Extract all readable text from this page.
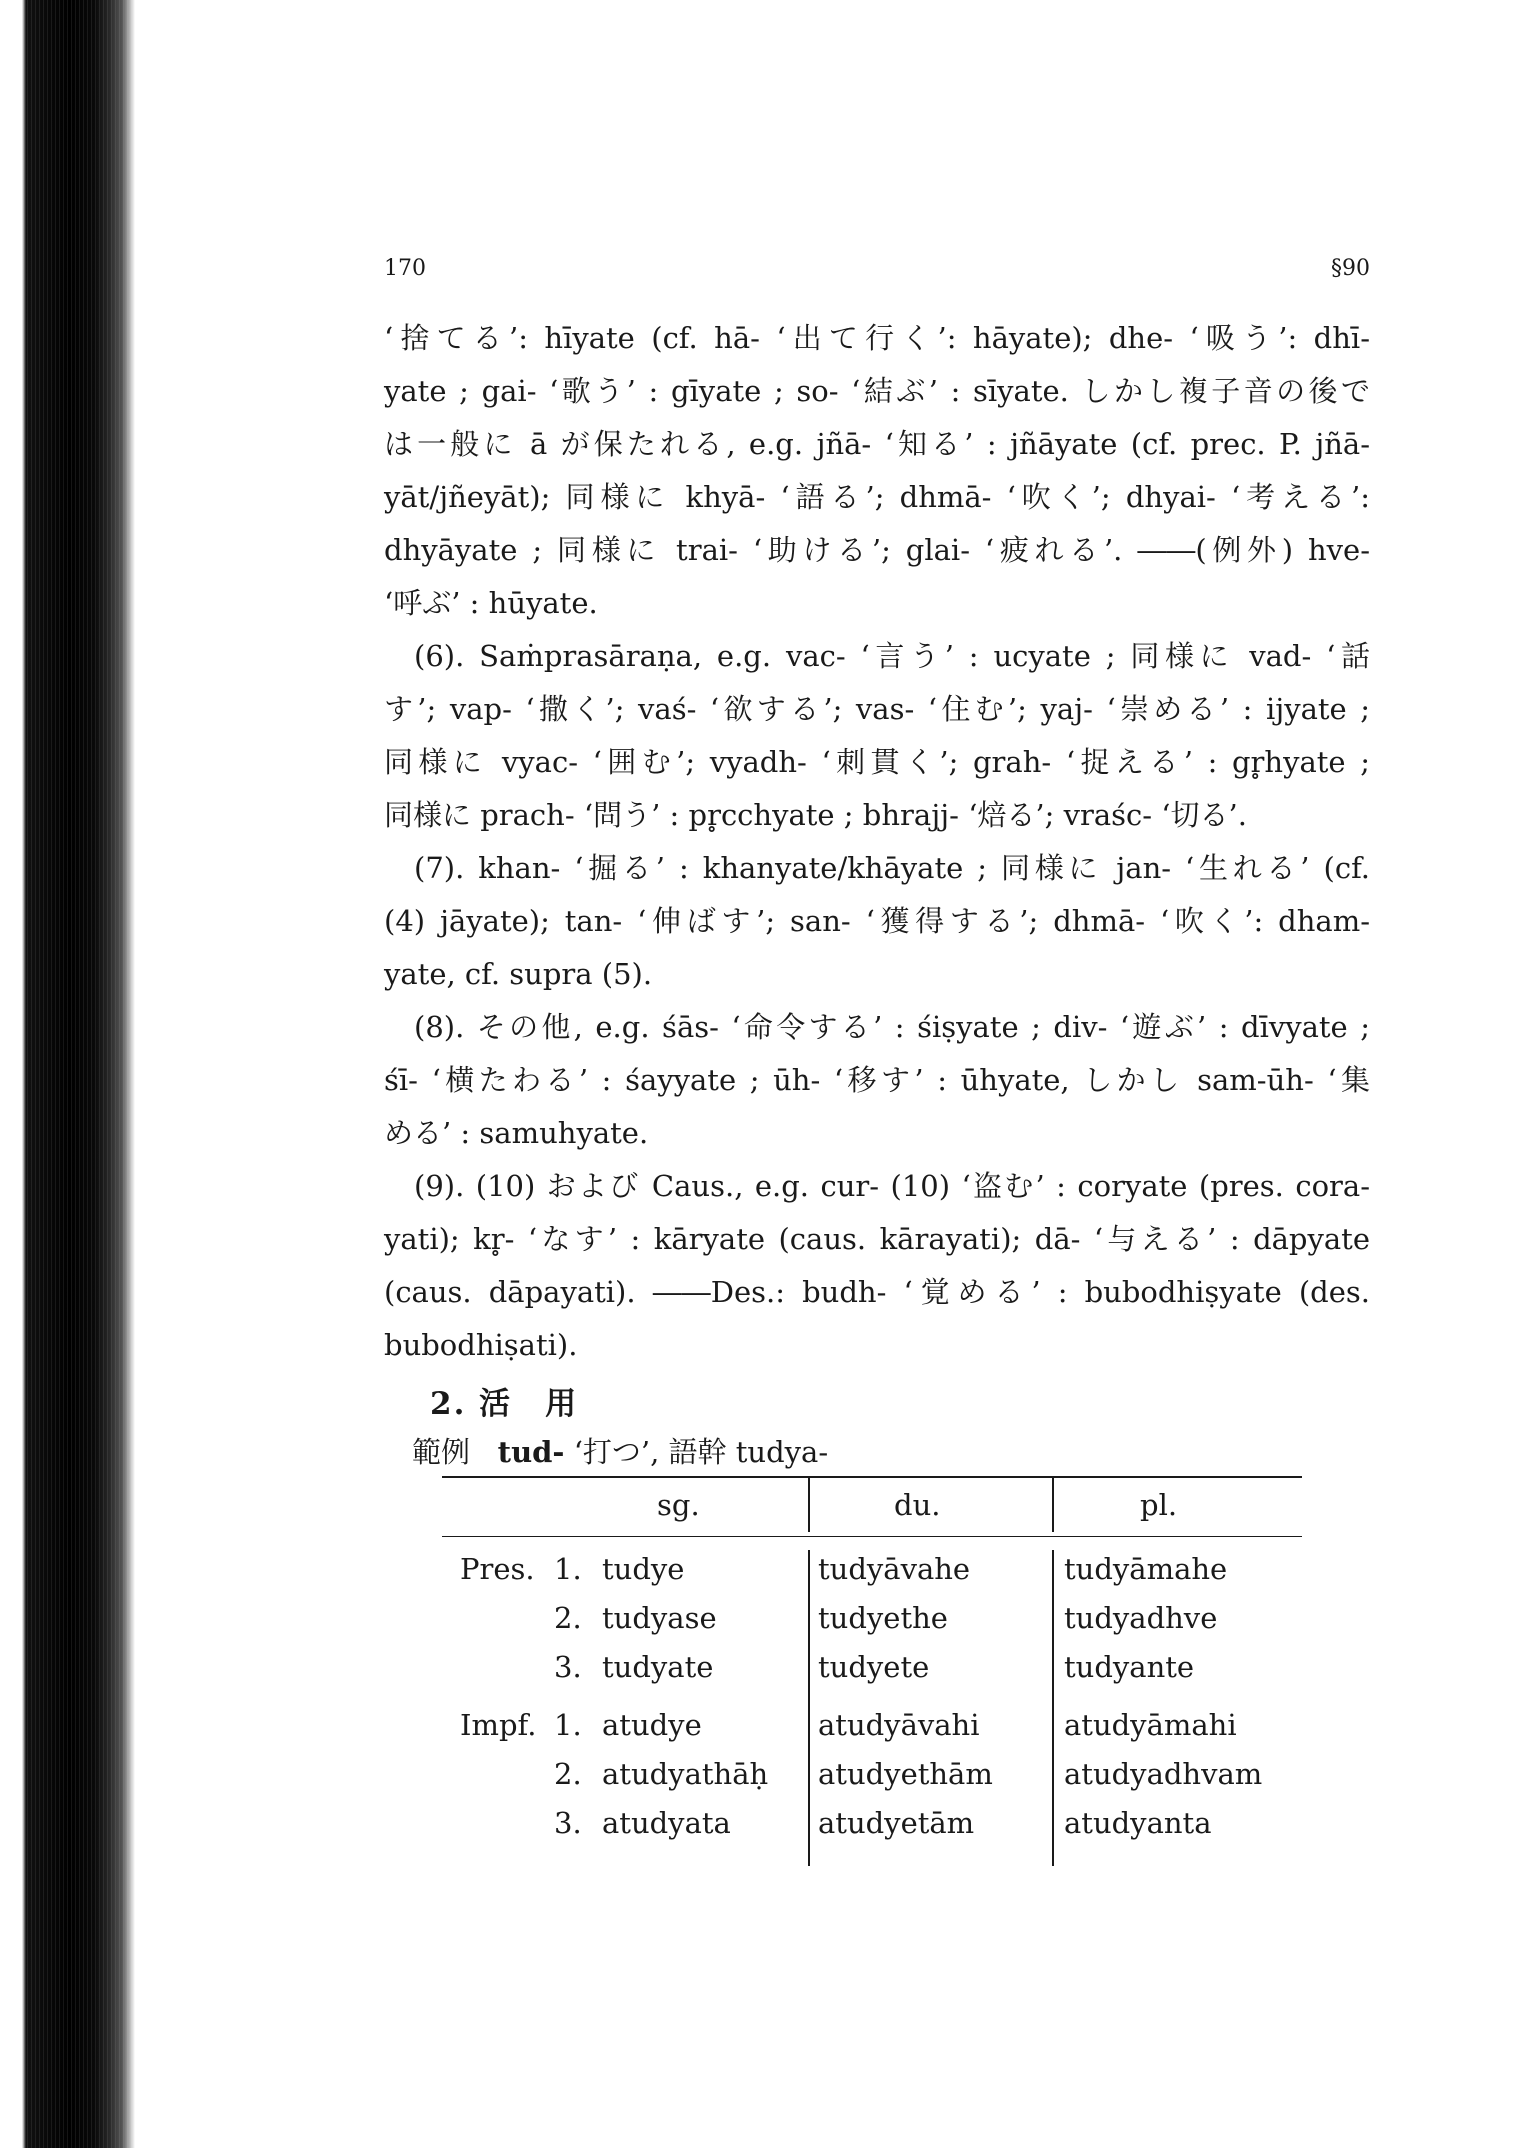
170	§90
‘捨てる’: hīyate (cf. hā- ‘出て行く’: hāyate); dhe- ‘吸う’: dhī-
yate ; gai- ‘歌う’ : gīyate ; so- ‘結ぶ’ : sīyate. しかし複子音の後で
は一般に ā が保たれる, e.g. jñā- ‘知る’ : jñāyate (cf. prec. P. jñā-
yāt/jñeyāt); 同様に khyā- ‘語る’; dhmā- ‘吹く’; dhyai- ‘考える’:
dhyāyate ; 同様に trai- ‘助ける’; glai- ‘疲れる’. ――(例外) hve-
‘呼ぶ’ : hūyate.
(6). Saṁprasāraṇa, e.g. vac- ‘言う’ : ucyate ; 同様に vad- ‘話
す’; vap- ‘撒く’; vaś- ‘欲する’; vas- ‘住む’; yaj- ‘崇める’ : ijyate ;
同様に vyac- ‘囲む’; vyadh- ‘刺貫く’; grah- ‘捉える’ : gr̥hyate ;
同様に prach- ‘問う’ : pr̥cchyate ; bhrajj- ‘焙る’; vraśc- ‘切る’.
(7). khan- ‘掘る’ : khanyate/khāyate ; 同様に jan- ‘生れる’ (cf.
(4) jāyate); tan- ‘伸ばす’; san- ‘獲得する’; dhmā- ‘吹く’: dham-
yate, cf. supra (5).
(8). その他, e.g. śās- ‘命令する’ : śiṣyate ; div- ‘遊ぶ’ : dīvyate ;
śī- ‘横たわる’ : śayyate ; ūh- ‘移す’ : ūhyate, しかし sam-ūh- ‘集
める’ : samuhyate.
(9). (10) および Caus., e.g. cur- (10) ‘盗む’ : coryate (pres. cora-
yati); kr̥- ‘なす’ : kāryate (caus. kārayati); dā- ‘与える’ : dāpyate
(caus. dāpayati). ――Des.: budh- ‘覚める’ : bubodhiṣyate (des.
bubodhiṣati).
2. 活　用
範例 tud- ‘打つ’, 語幹 tudya-
sg.	du.	pl.
Pres. 1. tudye	tudyāvahe	tudyāmahe
2. tudyase	tudyethe	tudyadhve
3. tudyate	tudyete	tudyante
Impf. 1. atudye	atudyāvahi	atudyāmahi
2. atudyathāḥ atudyethām atudyadhvam
3. atudyata	atudyetām	atudyanta
